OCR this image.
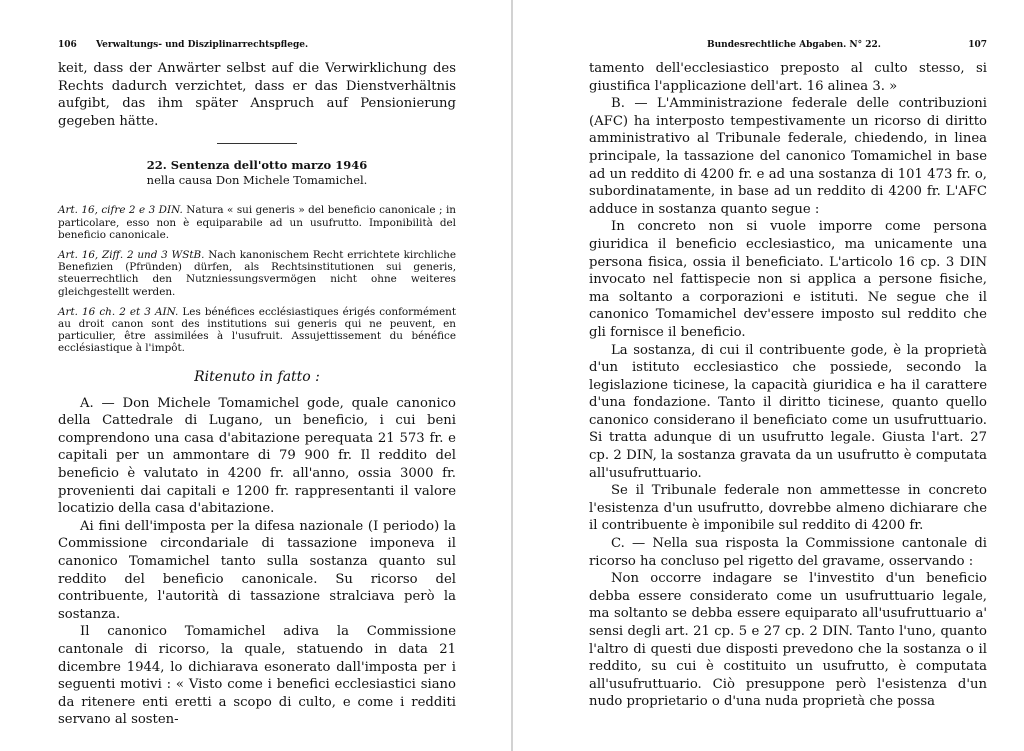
106 Verwaltungs- und Disziplinarrechtspflege.

keit, dass der Anwärter selbst auf die Verwirklichung des Rechts dadurch verzichtet, dass er das Dienstverhältnis aufgibt, das ihm später Anspruch auf Pensionierung gegeben hätte.

22. Sentenza dell'otto marzo 1946
nella causa Don Michele Tomamichel.

Art. 16, cifre 2 e 3 DIN. Natura « sui generis » del beneficio canonicale ; in particolare, esso non è equiparabile ad un usufrutto. Imponibilità del beneficio canonicale.

Art. 16, Ziff. 2 und 3 WStB. Nach kanonischem Recht errichtete kirchliche Benefizien (Pfründen) dürfen, als Rechtsinstitutionen sui generis, steuerrechtlich den Nutzniessungsvermögen nicht ohne weiteres gleichgestellt werden.

Art. 16 ch. 2 et 3 AIN. Les bénéfices ecclésiastiques érigés conformément au droit canon sont des institutions sui generis qui ne peuvent, en particulier, être assimilées à l'usufruit. Assujettissement du bénéfice ecclésiastique à l'impôt.

Ritenuto in fatto :

A. — Don Michele Tomamichel gode, quale canonico della Cattedrale di Lugano, un beneficio, i cui beni comprendono una casa d'abitazione perequata 21 573 fr. e capitali per un ammontare di 79 900 fr. Il reddito del beneficio è valutato in 4200 fr. all'anno, ossia 3000 fr. provenienti dai capitali e 1200 fr. rappresentanti il valore locatizio della casa d'abitazione.

Ai fini dell'imposta per la difesa nazionale (I periodo) la Commissione circondariale di tassazione imponeva il canonico Tomamichel tanto sulla sostanza quanto sul reddito del beneficio canonicale. Su ricorso del contribuente, l'autorità di tassazione stralciava però la sostanza.

Il canonico Tomamichel adiva la Commissione cantonale di ricorso, la quale, statuendo in data 21 dicembre 1944, lo dichiarava esonerato dall'imposta per i seguenti motivi : « Visto come i benefici ecclesiastici siano da ritenere enti eretti a scopo di culto, e come i redditi servano al sosten-

Bundesrechtliche Abgaben. N° 22.	107

tamento dell'ecclesiastico preposto al culto stesso, si giustifica l'applicazione dell'art. 16 alinea 3. »

B. — L'Amministrazione federale delle contribuzioni (AFC) ha interposto tempestivamente un ricorso di diritto amministrativo al Tribunale federale, chiedendo, in linea principale, la tassazione del canonico Tomamichel in base ad un reddito di 4200 fr. e ad una sostanza di 101 473 fr. o, subordinatamente, in base ad un reddito di 4200 fr. L'AFC adduce in sostanza quanto segue :

In concreto non si vuole imporre come persona giuridica il beneficio ecclesiastico, ma unicamente una persona fisica, ossia il beneficiato. L'articolo 16 cp. 3 DIN invocato nel fattispecie non si applica a persone fisiche, ma soltanto a corporazioni e istituti. Ne segue che il canonico Tomamichel dev'essere imposto sul reddito che gli fornisce il beneficio.

La sostanza, di cui il contribuente gode, è la proprietà d'un istituto ecclesiastico che possiede, secondo la legislazione ticinese, la capacità giuridica e ha il carattere d'una fondazione. Tanto il diritto ticinese, quanto quello canonico considerano il beneficiato come un usufruttuario. Si tratta adunque di un usufrutto legale. Giusta l'art. 27 cp. 2 DIN, la sostanza gravata da un usufrutto è computata all'usufruttuario.

Se il Tribunale federale non ammettesse in concreto l'esistenza d'un usufrutto, dovrebbe almeno dichiarare che il contribuente è imponibile sul reddito di 4200 fr.

C. — Nella sua risposta la Commissione cantonale di ricorso ha concluso pel rigetto del gravame, osservando :

Non occorre indagare se l'investito d'un beneficio debba essere considerato come un usufruttuario legale, ma soltanto se debba essere equiparato all'usufruttuario a' sensi degli art. 21 cp. 5 e 27 cp. 2 DIN. Tanto l'uno, quanto l'altro di questi due disposti prevedono che la sostanza o il reddito, su cui è costituito un usufrutto, è computata all'usufruttuario. Ciò presuppone però l'esistenza d'un nudo proprietario o d'una nuda proprietà che possa
